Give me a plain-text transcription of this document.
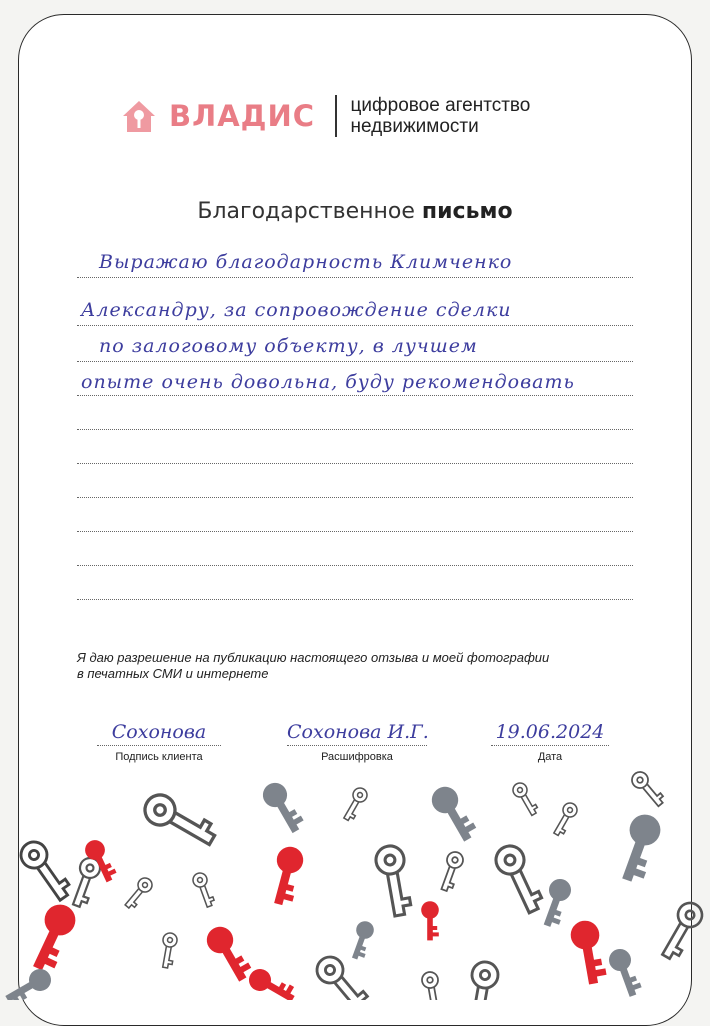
ВЛАДИС цифровое агентство
недвижимости
Благодарственное письмо
Выражаю благодарность Климченко
Александру, за сопровождение сделки
по залоговому объекту, в лучшем
опыте очень довольна, буду рекомендовать
Я даю разрешение на публикацию настоящего отзыва и моей фотографии
в печатных СМИ и интернете
Сохонова
Подпись клиента
Сохонова И.Г.
Расшифровка
19.06.2024
Дата
